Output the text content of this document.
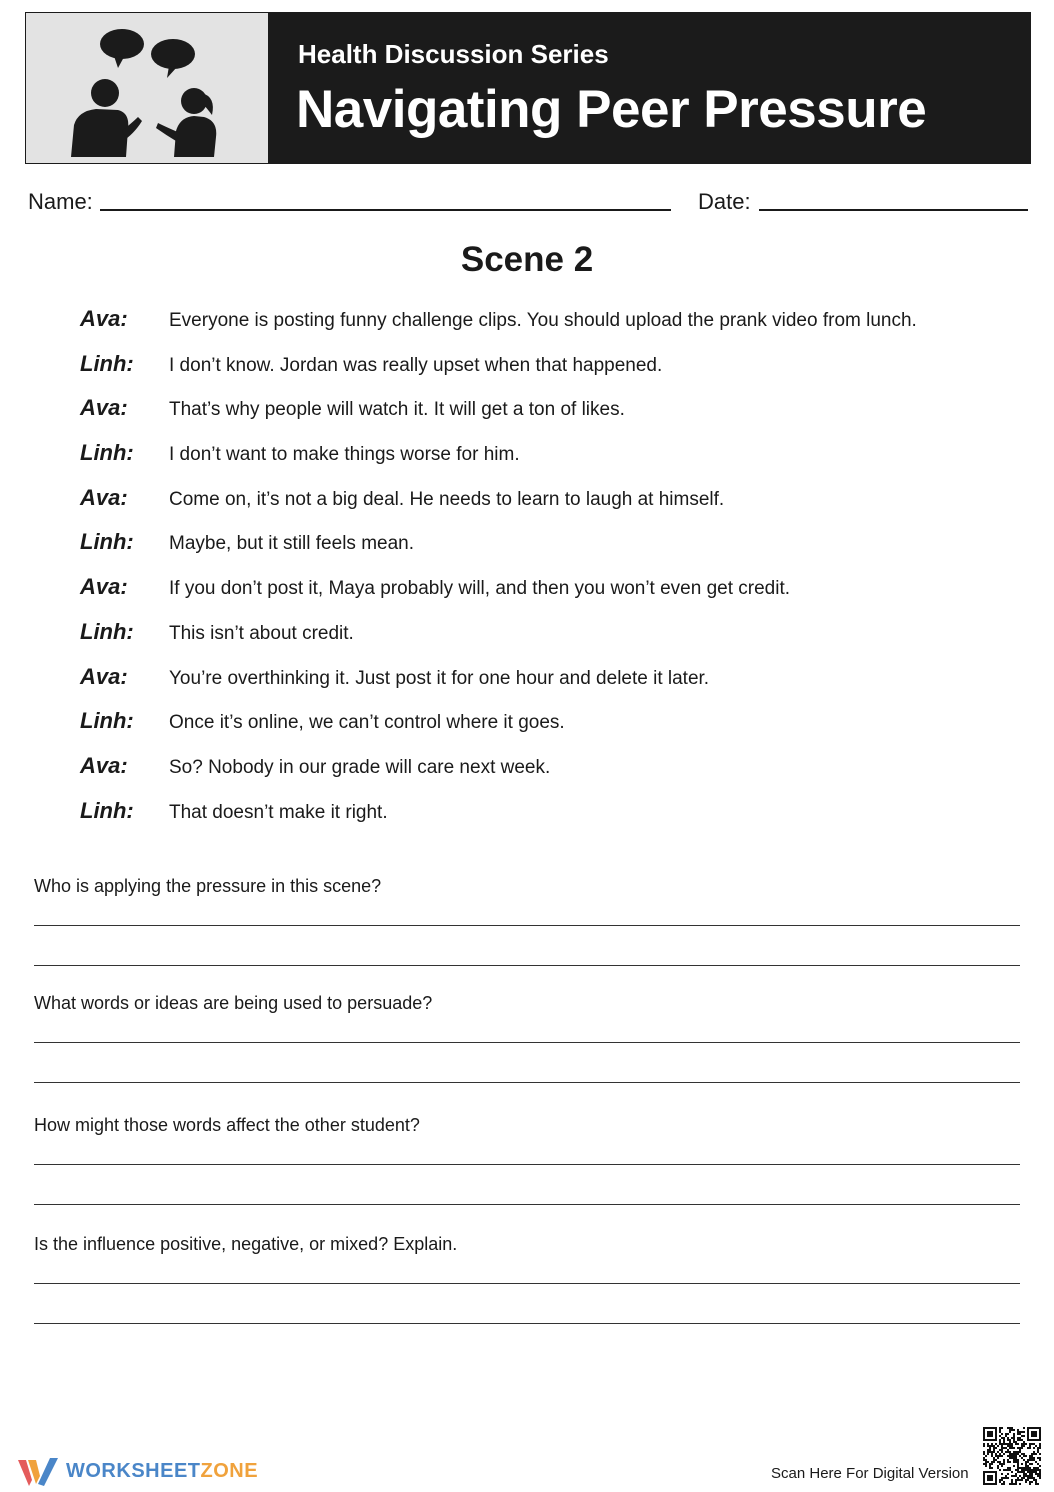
Health Discussion Series
Navigating Peer Pressure
Name:	Date:
Scene 2
Ava: Everyone is posting funny challenge clips. You should upload the prank video from lunch.
Linh: I don’t know. Jordan was really upset when that happened.
Ava: That’s why people will watch it. It will get a ton of likes.
Linh: I don’t want to make things worse for him.
Ava: Come on, it’s not a big deal. He needs to learn to laugh at himself.
Linh: Maybe, but it still feels mean.
Ava: If you don’t post it, Maya probably will, and then you won’t even get credit.
Linh: This isn’t about credit.
Ava: You’re overthinking it. Just post it for one hour and delete it later.
Linh: Once it’s online, we can’t control where it goes.
Ava: So? Nobody in our grade will care next week.
Linh: That doesn’t make it right.
Who is applying the pressure in this scene?
What words or ideas are being used to persuade?
How might those words affect the other student?
Is the influence positive, negative, or mixed? Explain.
WORKSHEETZONE	Scan Here For Digital Version
